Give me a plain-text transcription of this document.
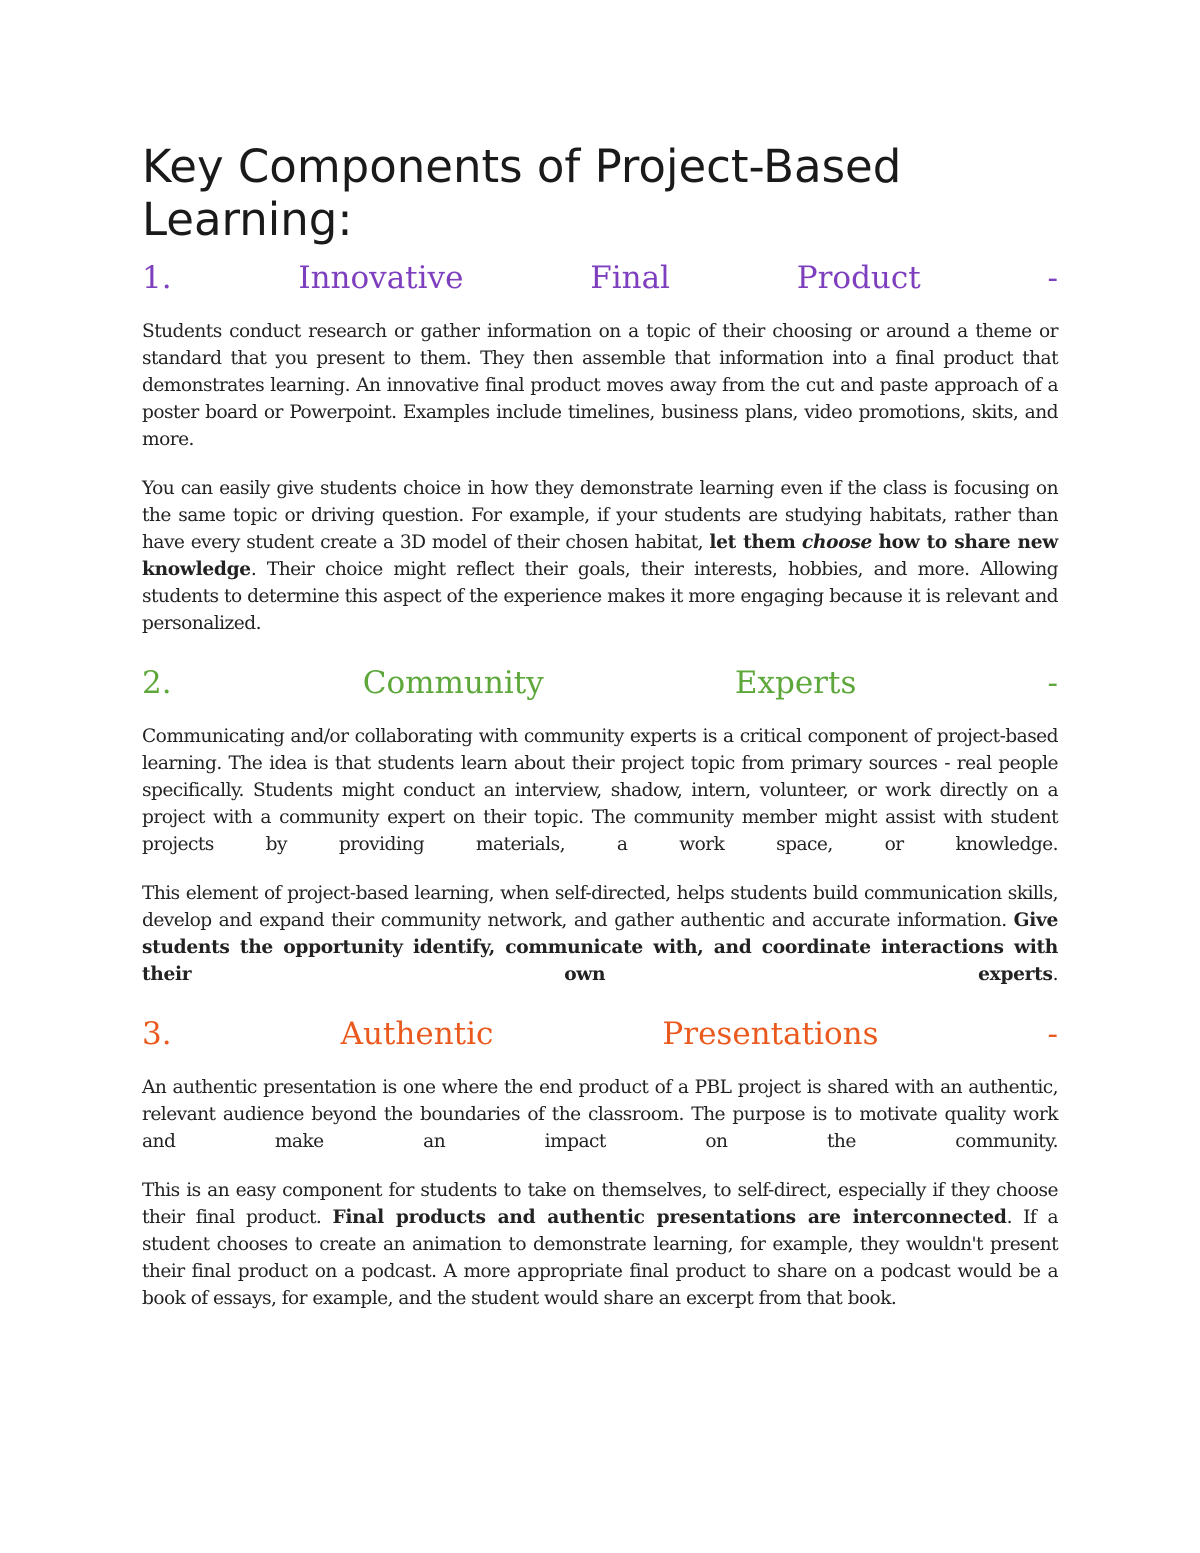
Key Components of Project-Based Learning:
1.	Innovative	Final	Product	-

Students conduct research or gather information on a topic of their choosing or around a theme or standard that you present to them. They then assemble that information into a final product that demonstrates learning. An innovative final product moves away from the cut and paste approach of a poster board or Powerpoint. Examples include timelines, business plans, video promotions, skits, and more.

You can easily give students choice in how they demonstrate learning even if the class is focusing on the same topic or driving question. For example, if your students are studying habitats, rather than have every student create a 3D model of their chosen habitat, let them choose how to share new knowledge. Their choice might reflect their goals, their interests, hobbies, and more. Allowing students to determine this aspect of the experience makes it more engaging because it is relevant and personalized.

2.	Community	Experts	-

Communicating and/or collaborating with community experts is a critical component of project-based learning. The idea is that students learn about their project topic from primary sources - real people specifically. Students might conduct an interview, shadow, intern, volunteer, or work directly on a project with a community expert on their topic. The community member might assist with student projects by providing materials, a work space, or knowledge.

This element of project-based learning, when self-directed, helps students build communication skills, develop and expand their community network, and gather authentic and accurate information. Give students the opportunity identify, communicate with, and coordinate interactions with their own experts.

3.	Authentic	Presentations	-

An authentic presentation is one where the end product of a PBL project is shared with an authentic, relevant audience beyond the boundaries of the classroom. The purpose is to motivate quality work and make an impact on the community.

This is an easy component for students to take on themselves, to self-direct, especially if they choose their final product. Final products and authentic presentations are interconnected. If a student chooses to create an animation to demonstrate learning, for example, they wouldn't present their final product on a podcast. A more appropriate final product to share on a podcast would be a book of essays, for example, and the student would share an excerpt from that book.
